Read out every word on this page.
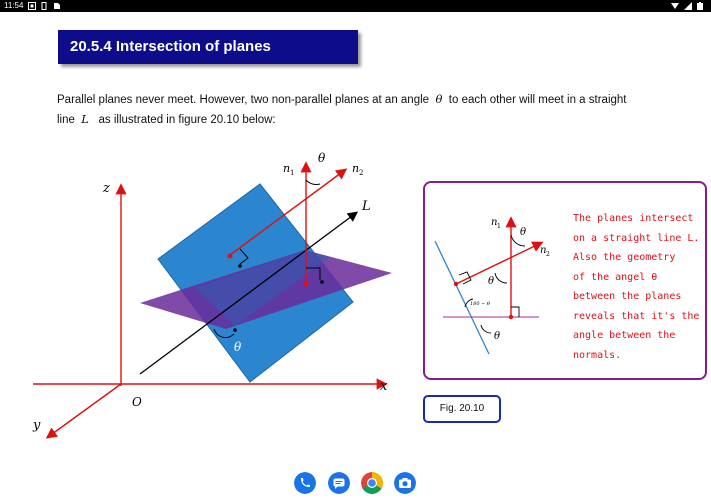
11:54
20.5.4 Intersection of planes
Parallel planes never meet. However, two non-parallel planes at an angle θ to each other will meet in a straight
line L as illustrated in figure 20.10 below:
z
x
y
O
L
n 1	n 2
θ
θ
n 1
n 2
θ
θ
180 − θ
θ
The planes intersect
on a straight line L.
Also the geometry
of the angel θ
between the planes
reveals that it's the
angle between the
normals.
Fig. 20.10
